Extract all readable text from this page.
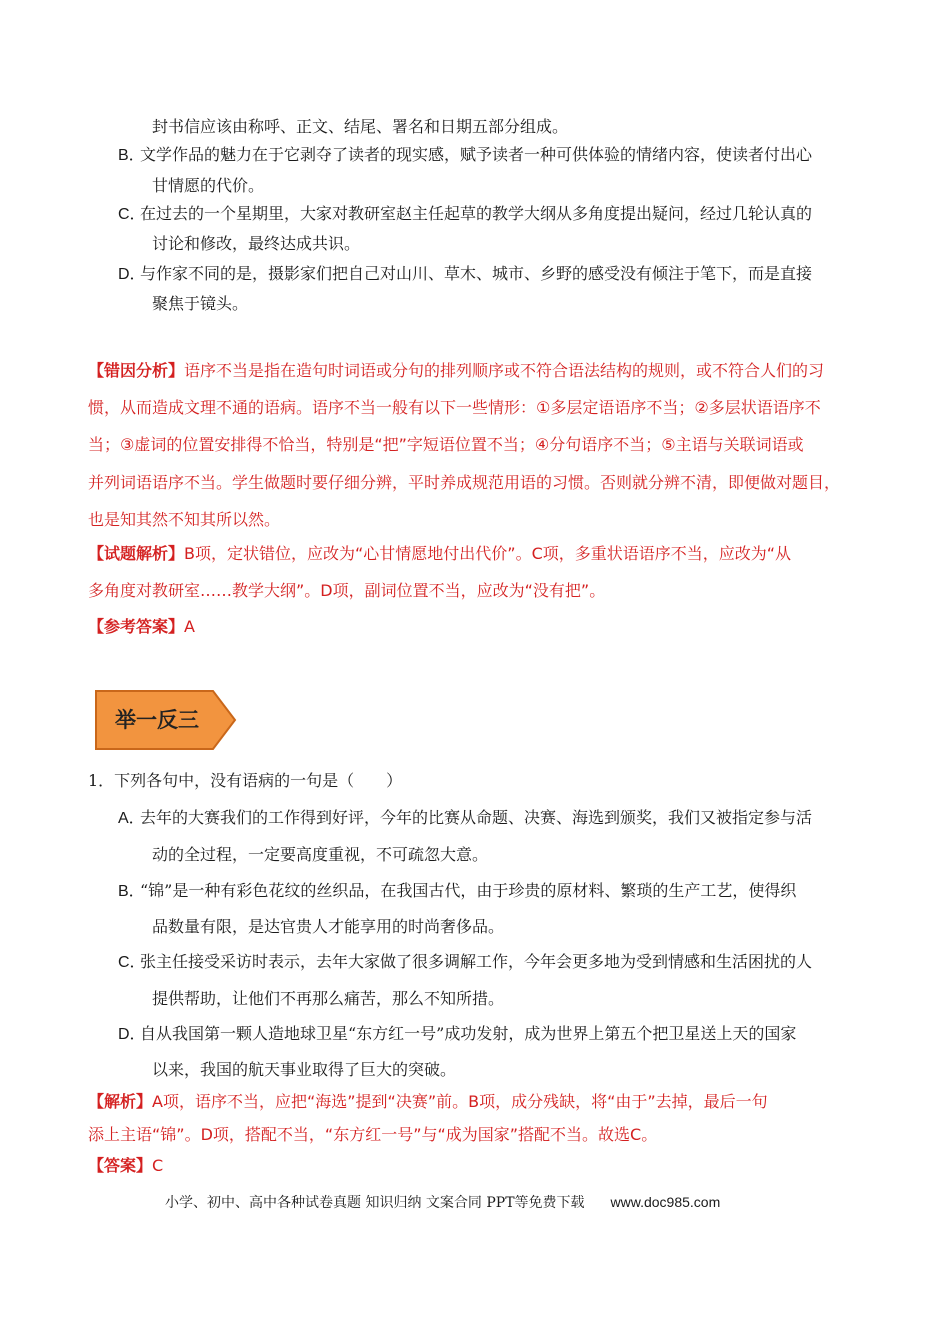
封书信应该由称呼、正文、结尾、署名和日期五部分组成。
B．文学作品的魅力在于它剥夺了读者的现实感，赋予读者一种可供体验的情绪内容，使读者付出心
甘情愿的代价。
C．在过去的一个星期里，大家对教研室赵主任起草的教学大纲从多角度提出疑问，经过几轮认真的
讨论和修改，最终达成共识。
D．与作家不同的是，摄影家们把自己对山川、草木、城市、乡野的感受没有倾注于笔下，而是直接
聚焦于镜头。
【错因分析】语序不当是指在造句时词语或分句的排列顺序或不符合语法结构的规则，或不符合人们的习
惯，从而造成文理不通的语病。语序不当一般有以下一些情形：①多层定语语序不当；②多层状语语序不
当；③虚词的位置安排得不恰当，特别是“把”字短语位置不当；④分句语序不当；⑤主语与关联词语或
并列词语语序不当。学生做题时要仔细分辨，平时养成规范用语的习惯。否则就分辨不清，即便做对题目，
也是知其然不知其所以然。
【试题解析】B项，定状错位，应改为“心甘情愿地付出代价”。C项，多重状语语序不当，应改为“从
多角度对教研室……教学大纲”。D项，副词位置不当，应改为“没有把”。
【参考答案】A
举一反三
1．下列各句中，没有语病的一句是（　　）
A．去年的大赛我们的工作得到好评，今年的比赛从命题、决赛、海选到颁奖，我们又被指定参与活
动的全过程，一定要高度重视，不可疏忽大意。
B．“锦”是一种有彩色花纹的丝织品，在我国古代，由于珍贵的原材料、繁琐的生产工艺，使得织
品数量有限，是达官贵人才能享用的时尚奢侈品。
C．张主任接受采访时表示，去年大家做了很多调解工作，今年会更多地为受到情感和生活困扰的人
提供帮助，让他们不再那么痛苦，那么不知所措。
D．自从我国第一颗人造地球卫星“东方红一号”成功发射，成为世界上第五个把卫星送上天的国家
以来，我国的航天事业取得了巨大的突破。
【解析】A项，语序不当，应把“海选”提到“决赛”前。B项，成分残缺，将“由于”去掉，最后一句
添上主语“锦”。D项，搭配不当，“东方红一号”与“成为国家”搭配不当。故选C。
【答案】C
小学、初中、高中各种试卷真题 知识归纳 文案合同 PPT等免费下载 www.doc985.com
